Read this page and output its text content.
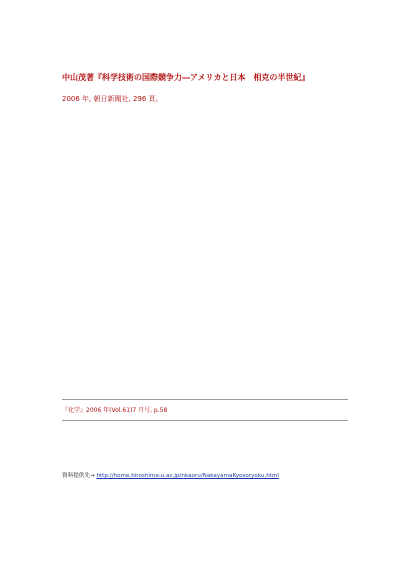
中山茂著『科学技術の国際競争力―アメリカと日本　相克の半世紀』
2006 年, 朝日新聞社, 296 頁。
『化学』2006 年(Vol.61)7 月号, p.58
資料提供先→ http://home.hiroshima-u.ac.jp/nkaoru/NakayamaKyosoryoku.html
